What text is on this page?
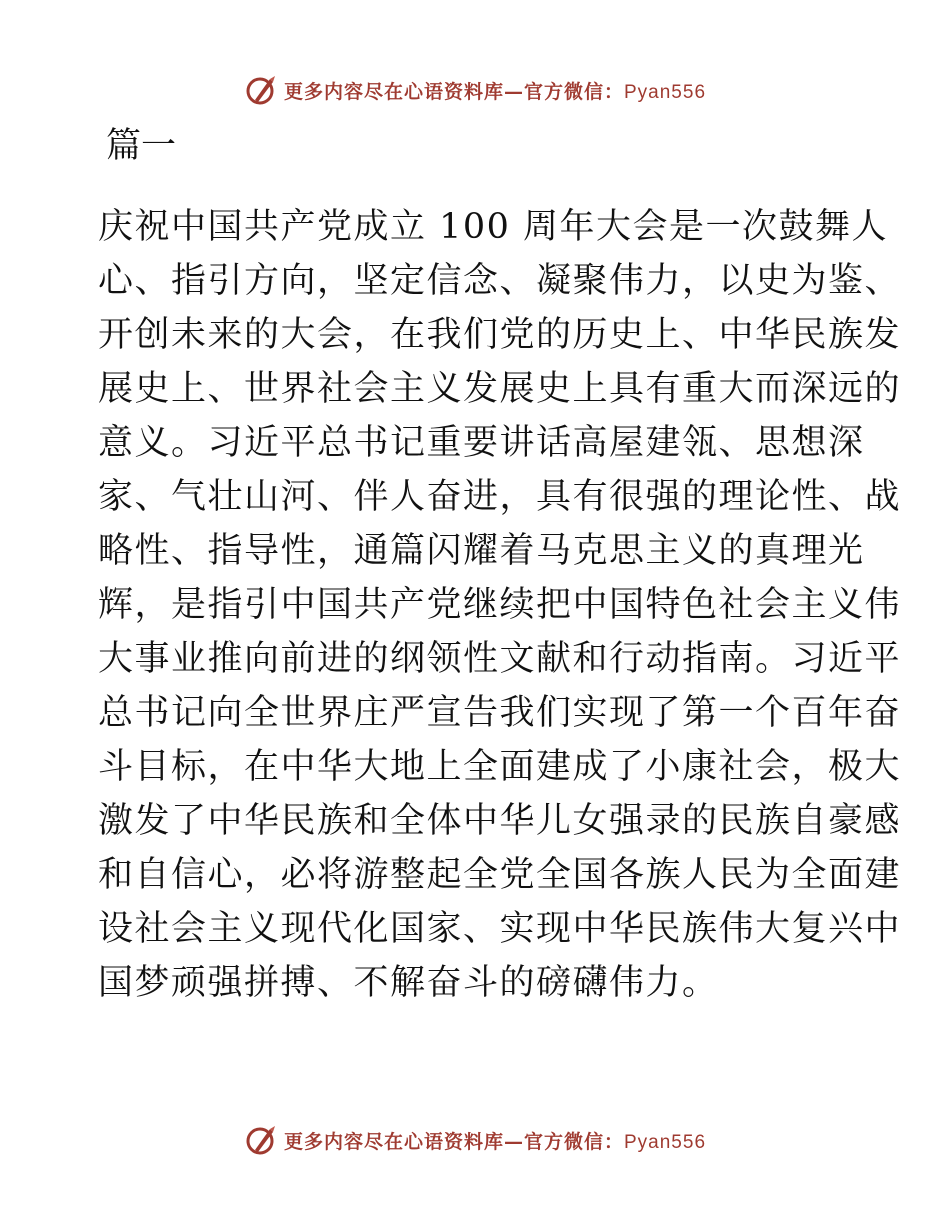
更多内容尽在心语资料库—官方微信：Pyan556
篇一
庆祝中国共产党成立 100 周年大会是一次鼓舞人
心、指引方向，坚定信念、凝聚伟力，以史为鉴、
开创未来的大会，在我们党的历史上、中华民族发
展史上、世界社会主义发展史上具有重大而深远的
意义。习近平总书记重要讲话高屋建瓴、思想深
家、气壮山河、伴人奋进，具有很强的理论性、战
略性、指导性，通篇闪耀着马克思主义的真理光
辉，是指引中国共产党继续把中国特色社会主义伟
大事业推向前进的纲领性文献和行动指南。习近平
总书记向全世界庄严宣告我们实现了第一个百年奋
斗目标，在中华大地上全面建成了小康社会，极大
激发了中华民族和全体中华儿女强录的民族自豪感
和自信心，必将游整起全党全国各族人民为全面建
设社会主义现代化国家、实现中华民族伟大复兴中
国梦顽强拼搏、不解奋斗的磅礴伟力。
更多内容尽在心语资料库—官方微信：Pyan556
